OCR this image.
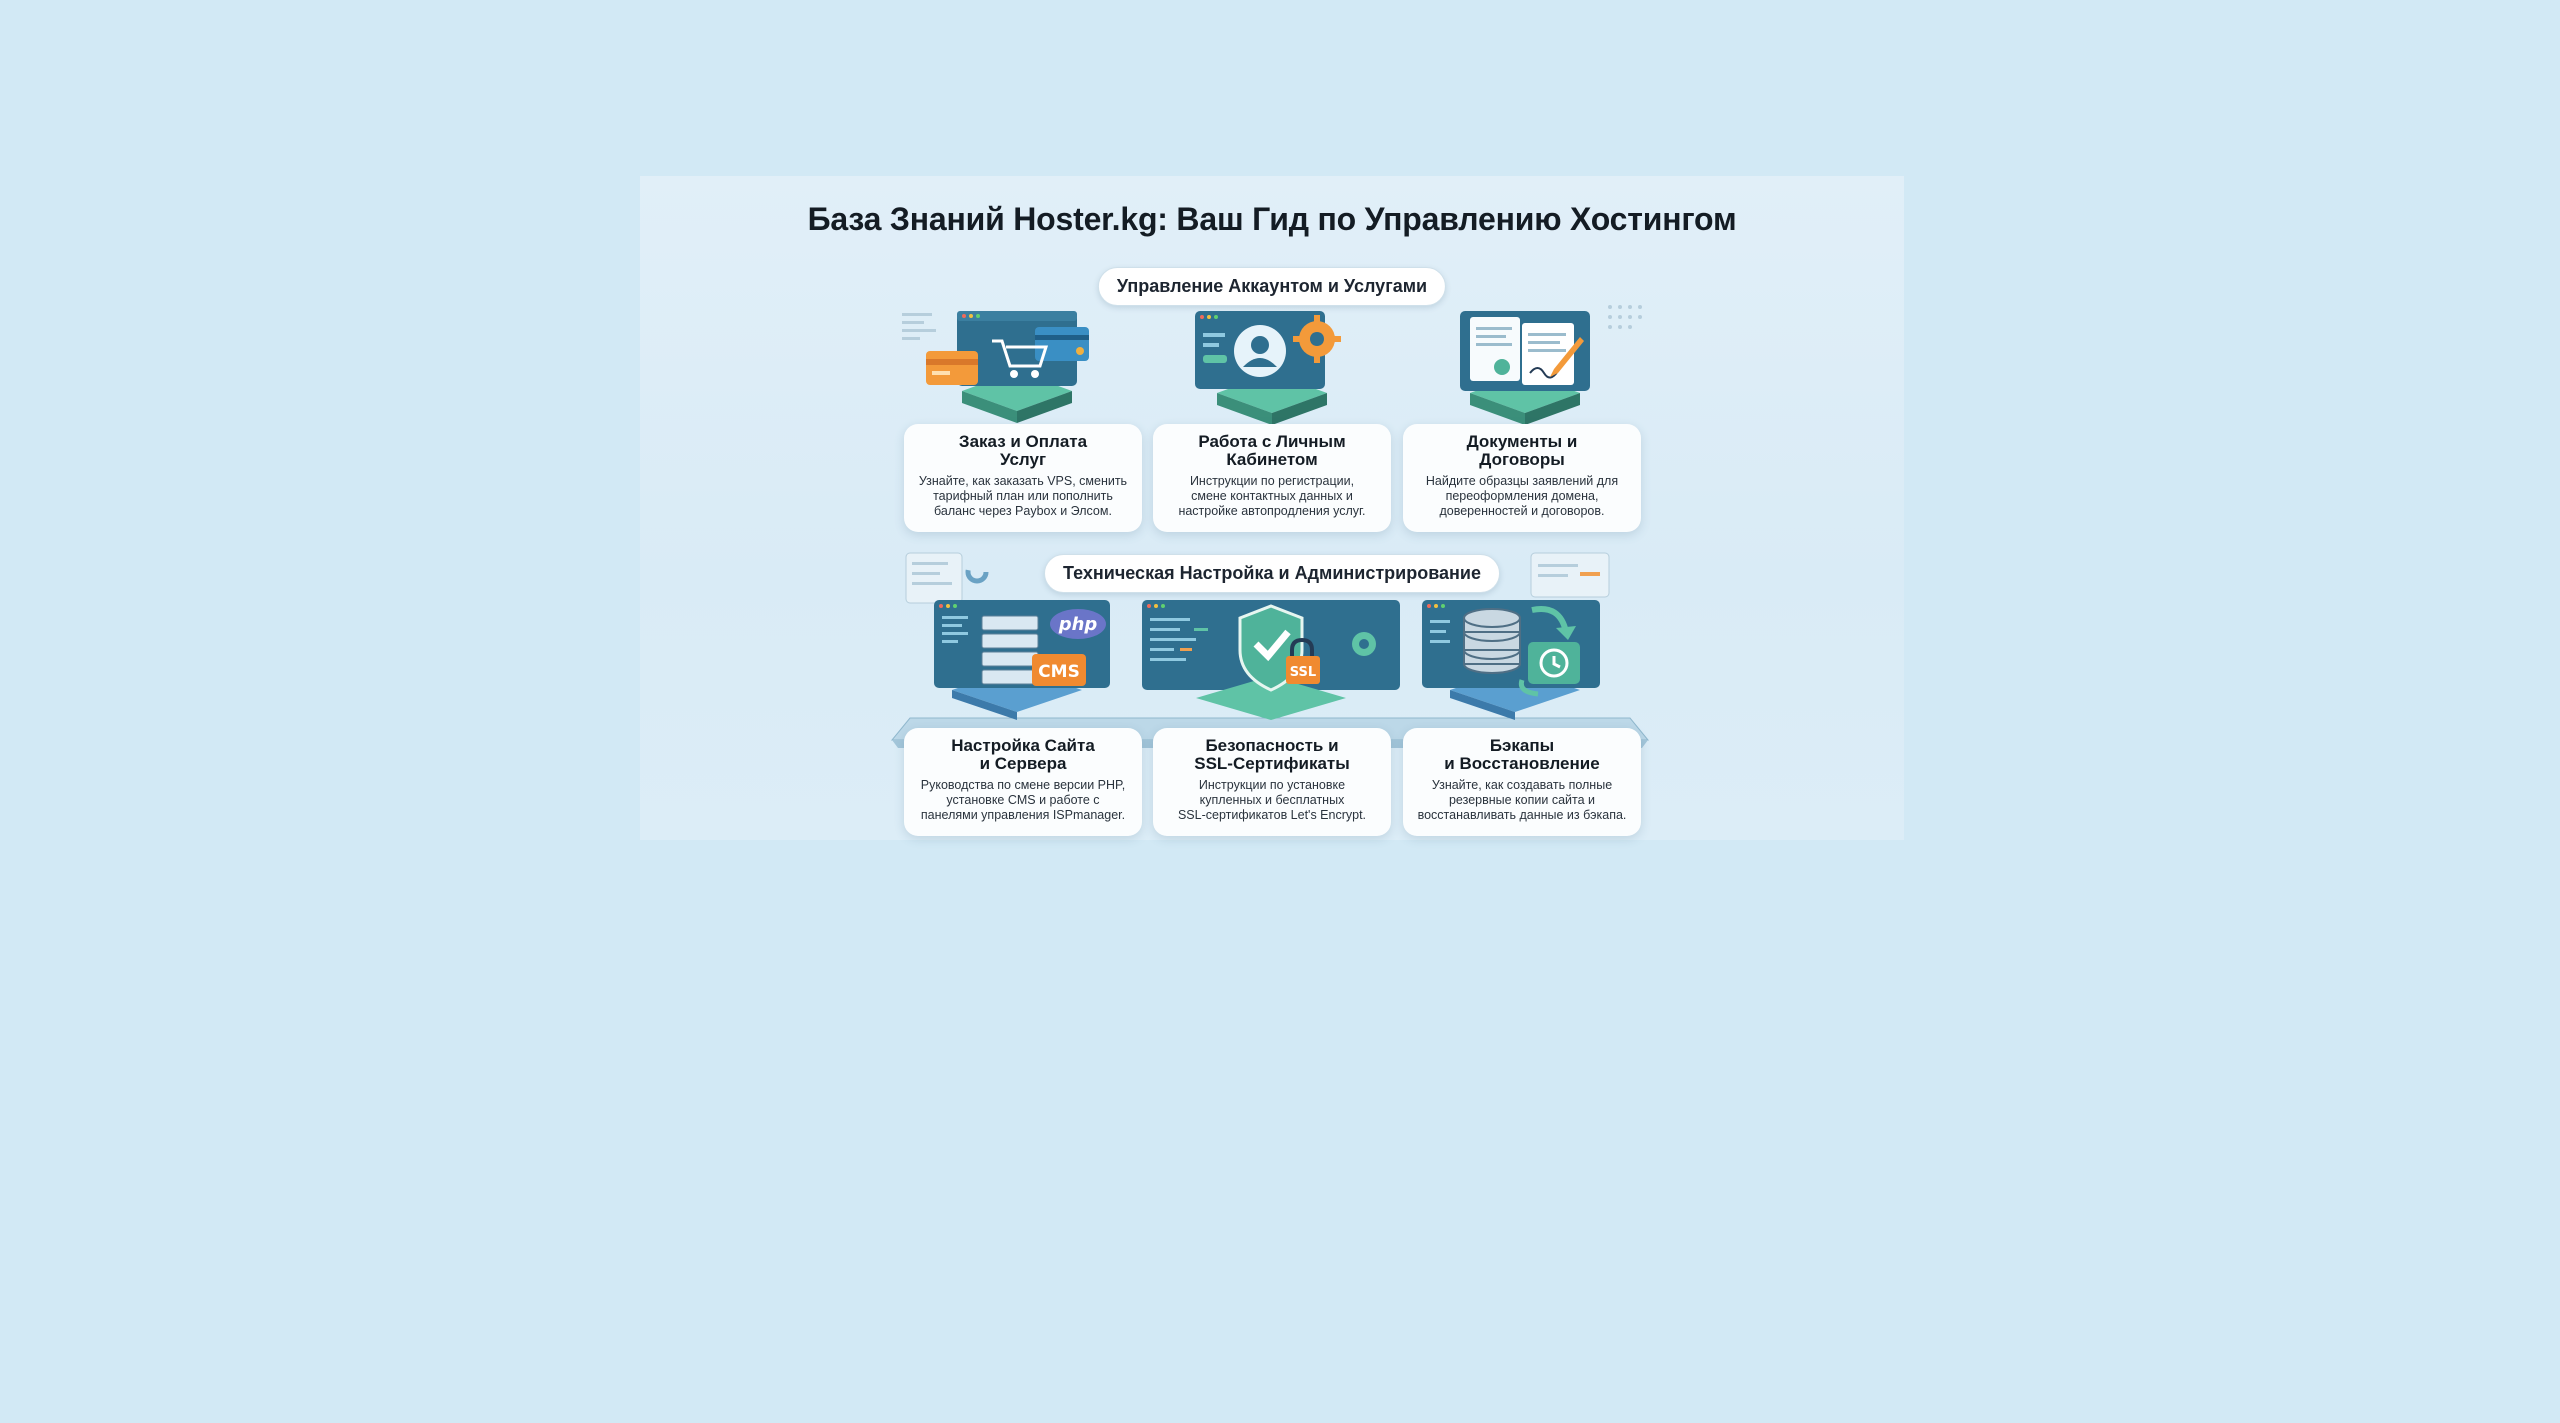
База Знаний Hoster.kg: Ваш Гид по Управлению Хостингом
Управление Аккаунтом и Услугами
Заказ и Оплата
Услуг
Узнайте, как заказать VPS, сменить
тарифный план или пополнить
баланс через Paybox и Элсом.
Работа с Личным
Кабинетом
Инструкции по регистрации,
смене контактных данных и
настройке автопродления услуг.
Документы и
Договоры
Найдите образцы заявлений для
переоформления домена,
доверенностей и договоров.
Техническая Настройка и Администрирование
php
CMS	SSL
Настройка Сайта
и Сервера
Руководства по смене версии PHP,
установке CMS и работе с
панелями управления ISPmanager.
Безопасность и
SSL-Сертификаты
Инструкции по установке
купленных и бесплатных
SSL-сертификатов Let's Encrypt.
Бэкапы
и Восстановление
Узнайте, как создавать полные
резервные копии сайта и
восстанавливать данные из бэкапа.
